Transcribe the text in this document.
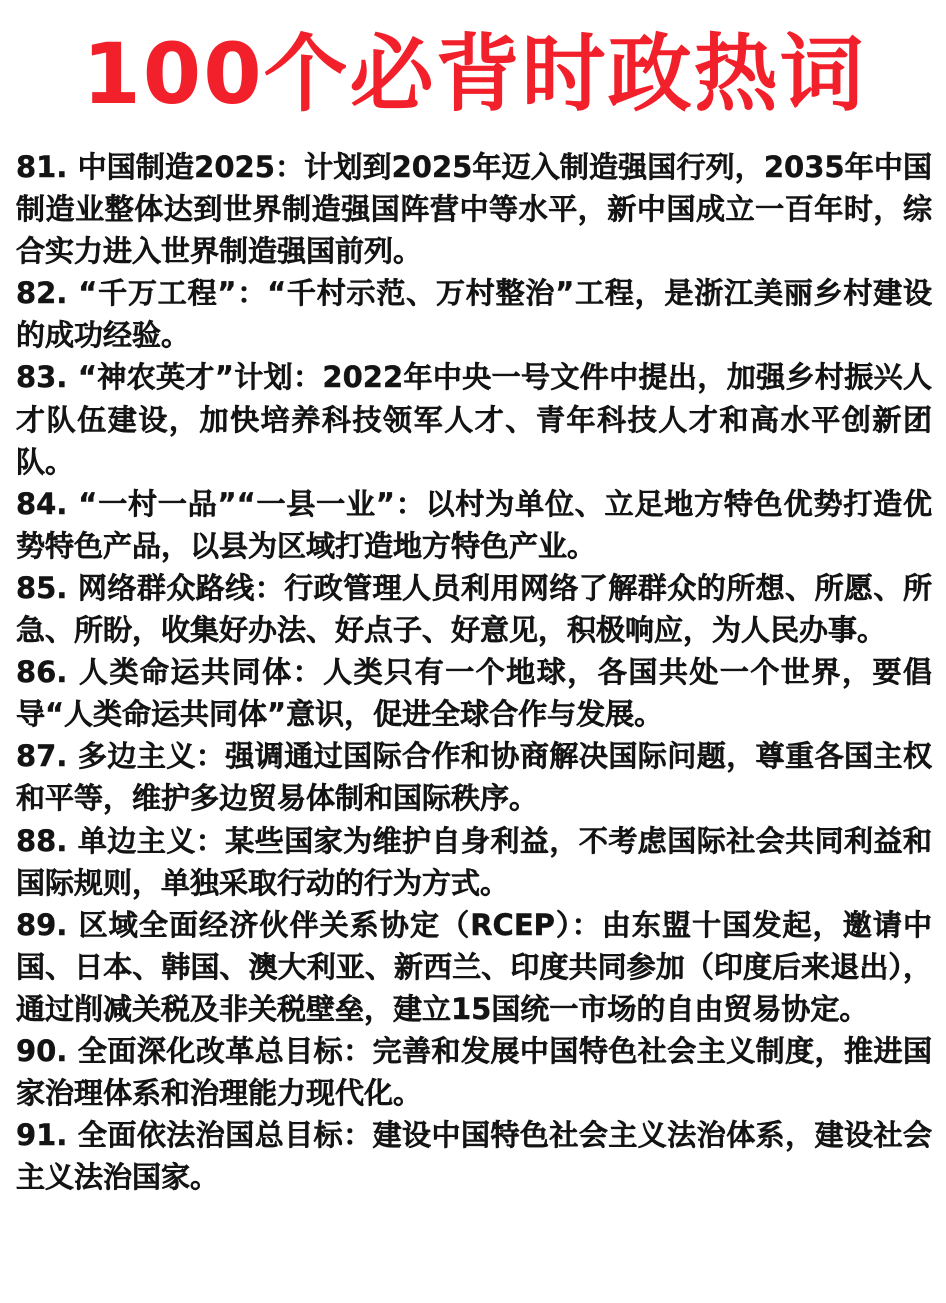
100个必背时政热词

81. 中国制造2025：计划到2025年迈入制造强国行列，2035年中国制造业整体达到世界制造强国阵营中等水平，新中国成立一百年时，综合实力进入世界制造强国前列。

82. “千万工程”：“千村示范、万村整治”工程，是浙江美丽乡村建设的成功经验。

83. “神农英才”计划：2022年中央一号文件中提出，加强乡村振兴人才队伍建设，加快培养科技领军人才、青年科技人才和高水平创新团队。

84. “一村一品”“一县一业”：以村为单位、立足地方特色优势打造优势特色产品，以县为区域打造地方特色产业。

85. 网络群众路线：行政管理人员利用网络了解群众的所想、所愿、所急、所盼，收集好办法、好点子、好意见，积极响应，为人民办事。

86. 人类命运共同体：人类只有一个地球，各国共处一个世界，要倡导“人类命运共同体”意识，促进全球合作与发展。

87. 多边主义：强调通过国际合作和协商解决国际问题，尊重各国主权和平等，维护多边贸易体制和国际秩序。

88. 单边主义：某些国家为维护自身利益，不考虑国际社会共同利益和国际规则，单独采取行动的行为方式。

89. 区域全面经济伙伴关系协定（RCEP）：由东盟十国发起，邀请中国、日本、韩国、澳大利亚、新西兰、印度共同参加（印度后来退出），通过削减关税及非关税壁垒，建立15国统一市场的自由贸易协定。

90. 全面深化改革总目标：完善和发展中国特色社会主义制度，推进国家治理体系和治理能力现代化。

91. 全面依法治国总目标：建设中国特色社会主义法治体系，建设社会主义法治国家。
